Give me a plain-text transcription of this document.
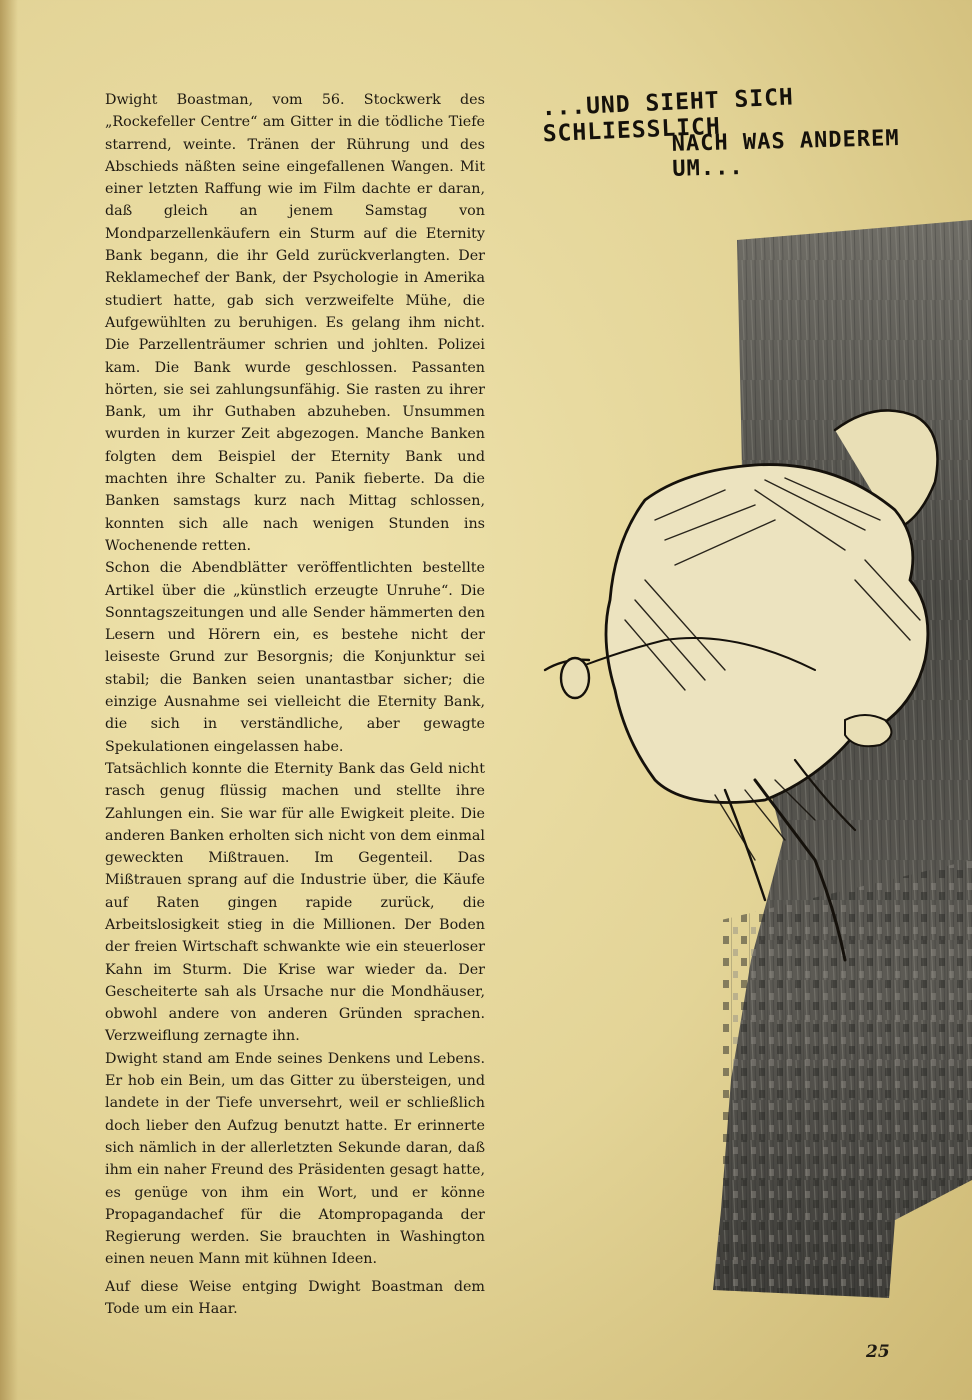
...UND SIEHT SICH SCHLIESSLICH
NACH WAS ANDEREM UM...

Dwight Boastman, vom 56. Stockwerk des „Rockefeller Centre“ am Gitter in die tödliche Tiefe starrend, weinte. Tränen der Rührung und des Abschieds näßten seine eingefallenen Wangen. Mit einer letzten Raffung wie im Film dachte er daran, daß gleich an jenem Samstag von Mondparzellenkäufern ein Sturm auf die Eternity Bank begann, die ihr Geld zurückverlangten. Der Reklamechef der Bank, der Psychologie in Amerika studiert hatte, gab sich verzweifelte Mühe, die Aufgewühlten zu beruhigen. Es gelang ihm nicht. Die Parzellenträumer schrien und johlten. Polizei kam. Die Bank wurde geschlossen. Passanten hörten, sie sei zahlungsunfähig. Sie rasten zu ihrer Bank, um ihr Guthaben abzuheben. Unsummen wurden in kurzer Zeit abgezogen. Manche Banken folgten dem Beispiel der Eternity Bank und machten ihre Schalter zu. Panik fieberte. Da die Banken samstags kurz nach Mittag schlossen, konnten sich alle nach wenigen Stunden ins Wochenende retten.

Schon die Abendblätter veröffentlichten bestellte Artikel über die „künstlich erzeugte Unruhe“. Die Sonntagszeitungen und alle Sender hämmerten den Lesern und Hörern ein, es bestehe nicht der leiseste Grund zur Besorgnis; die Konjunktur sei stabil; die Banken seien unantastbar sicher; die einzige Ausnahme sei vielleicht die Eternity Bank, die sich in verständliche, aber gewagte Spekulationen eingelassen habe.

Tatsächlich konnte die Eternity Bank das Geld nicht rasch genug flüssig machen und stellte ihre Zahlungen ein. Sie war für alle Ewigkeit pleite. Die anderen Banken erholten sich nicht von dem einmal geweckten Mißtrauen. Im Gegenteil. Das Mißtrauen sprang auf die Industrie über, die Käufe auf Raten gingen rapide zurück, die Arbeitslosigkeit stieg in die Millionen. Der Boden der freien Wirtschaft schwankte wie ein steuerloser Kahn im Sturm. Die Krise war wieder da. Der Gescheiterte sah als Ursache nur die Mondhäuser, obwohl andere von anderen Gründen sprachen. Verzweiflung zernagte ihn.

Dwight stand am Ende seines Denkens und Lebens. Er hob ein Bein, um das Gitter zu übersteigen, und landete in der Tiefe unversehrt, weil er schließlich doch lieber den Aufzug benutzt hatte. Er erinnerte sich nämlich in der allerletzten Sekunde daran, daß ihm ein naher Freund des Präsidenten gesagt hatte, es genüge von ihm ein Wort, und er könne Propagandachef für die Atompropaganda der Regierung werden. Sie brauchten in Washington einen neuen Mann mit kühnen Ideen.

Auf diese Weise entging Dwight Boastman dem Tode um ein Haar.

25
